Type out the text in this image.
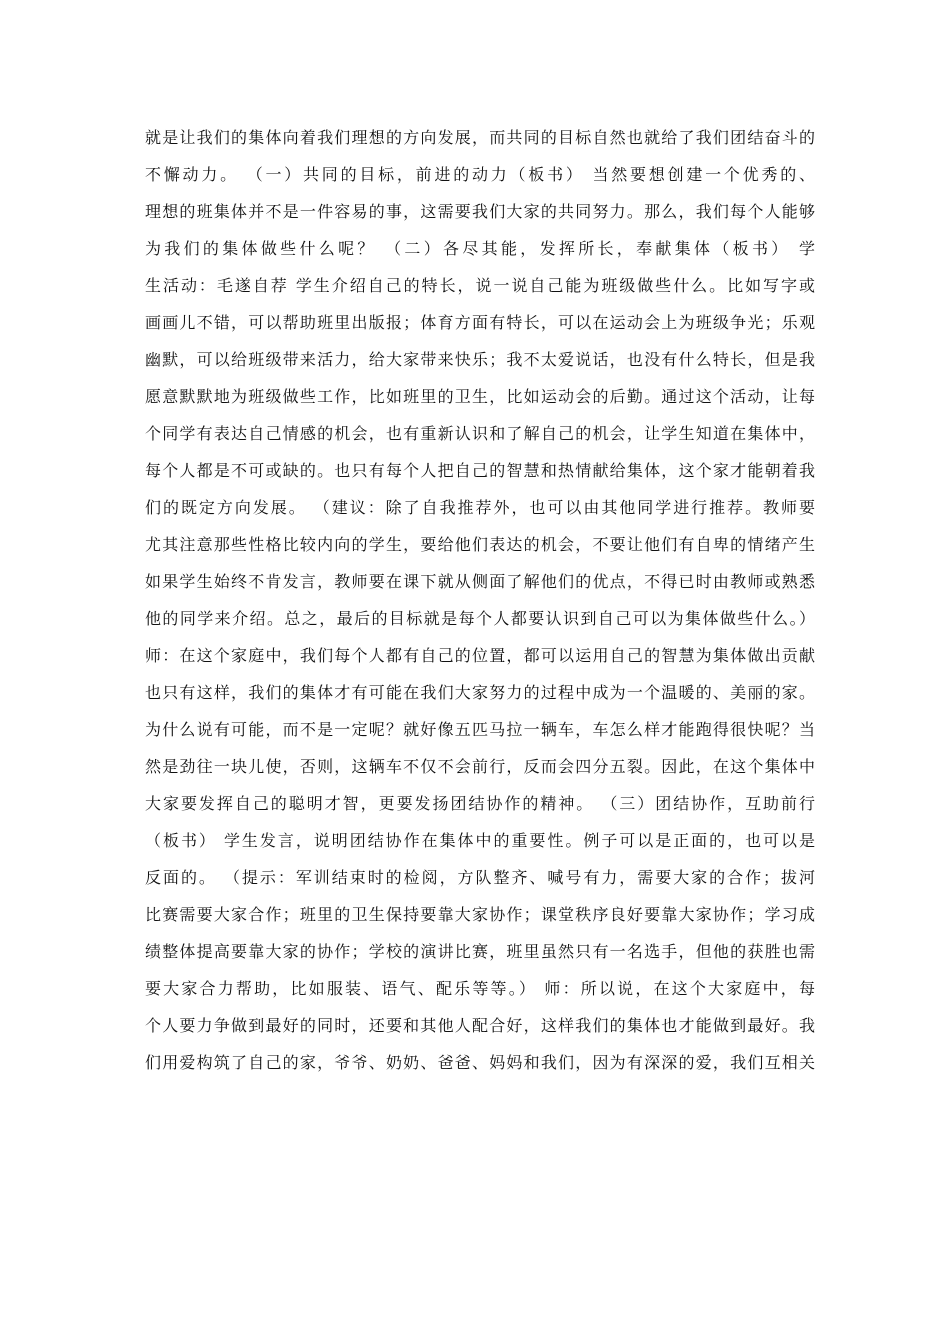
就是让我们的集体向着我们理想的方向发展，而共同的目标自然也就给了我们团结奋斗的
不懈动力。 （一）共同的目标，前进的动力（板书） 当然要想创建一个优秀的、
理想的班集体并不是一件容易的事，这需要我们大家的共同努力。那么，我们每个人能够
为我们的集体做些什么呢？ （二）各尽其能，发挥所长，奉献集体（板书） 学
生活动：毛遂自荐 学生介绍自己的特长，说一说自己能为班级做些什么。比如写字或
画画儿不错，可以帮助班里出版报；体育方面有特长，可以在运动会上为班级争光；乐观
幽默，可以给班级带来活力，给大家带来快乐；我不太爱说话，也没有什么特长，但是我
愿意默默地为班级做些工作，比如班里的卫生，比如运动会的后勤。通过这个活动，让每
个同学有表达自己情感的机会，也有重新认识和了解自己的机会，让学生知道在集体中，
每个人都是不可或缺的。也只有每个人把自己的智慧和热情献给集体，这个家才能朝着我
们的既定方向发展。 （建议：除了自我推荐外，也可以由其他同学进行推荐。教师要
尤其注意那些性格比较内向的学生，要给他们表达的机会，不要让他们有自卑的情绪产生
如果学生始终不肯发言，教师要在课下就从侧面了解他们的优点，不得已时由教师或熟悉
他的同学来介绍。总之，最后的目标就是每个人都要认识到自己可以为集体做些什么。）
师：在这个家庭中，我们每个人都有自己的位置，都可以运用自己的智慧为集体做出贡献
也只有这样，我们的集体才有可能在我们大家努力的过程中成为一个温暖的、美丽的家。
为什么说有可能，而不是一定呢？就好像五匹马拉一辆车，车怎么样才能跑得很快呢？当
然是劲往一块儿使，否则，这辆车不仅不会前行，反而会四分五裂。因此，在这个集体中
大家要发挥自己的聪明才智，更要发扬团结协作的精神。 （三）团结协作，互助前行
（板书） 学生发言，说明团结协作在集体中的重要性。例子可以是正面的，也可以是
反面的。 （提示：军训结束时的检阅，方队整齐、喊号有力，需要大家的合作；拔河
比赛需要大家合作；班里的卫生保持要靠大家协作；课堂秩序良好要靠大家协作；学习成
绩整体提高要靠大家的协作；学校的演讲比赛，班里虽然只有一名选手，但他的获胜也需
要大家合力帮助，比如服装、语气、配乐等等。） 师：所以说，在这个大家庭中，每
个人要力争做到最好的同时，还要和其他人配合好，这样我们的集体也才能做到最好。我
们用爱构筑了自己的家，爷爷、奶奶、爸爸、妈妈和我们，因为有深深的爱，我们互相关
